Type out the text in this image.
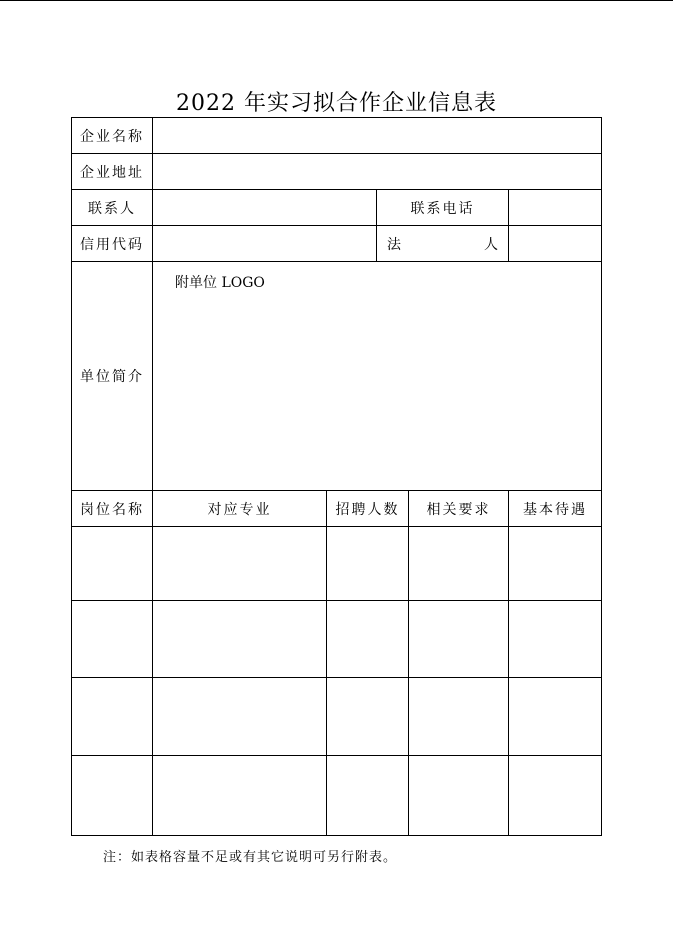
2022 年实习拟合作企业信息表
企业名称					
企业地址					
联系人			联系电话		
信用代码			法 人		

单位简介	附单位 LOGO				

岗位名称	对应专业	招聘人数		相关要求	基本待遇

注：如表格容量不足或有其它说明可另行附表。
